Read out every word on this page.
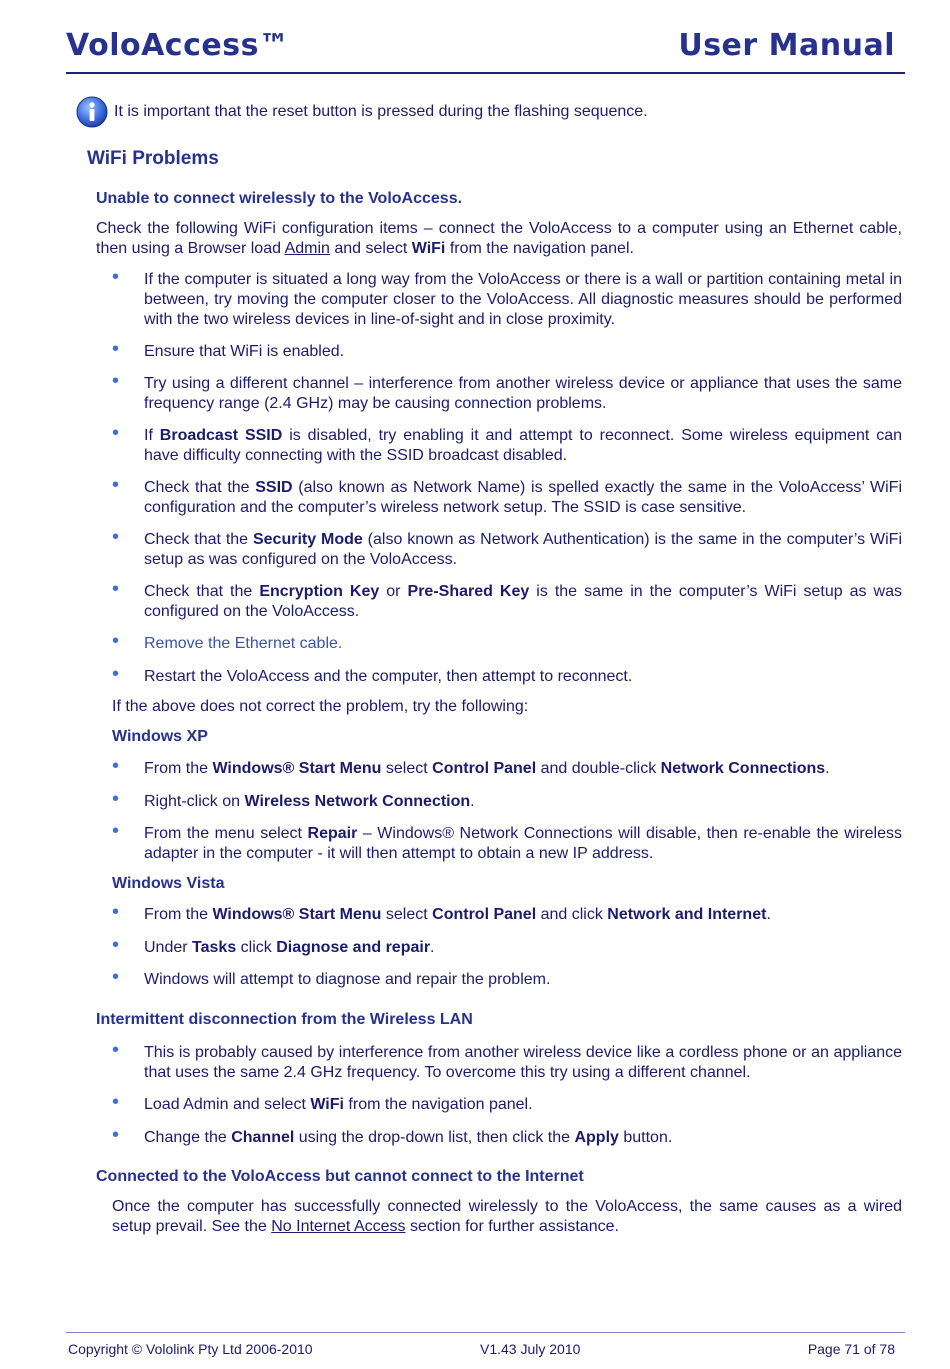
VoloAccess™	User Manual
It is important that the reset button is pressed during the flashing sequence.
WiFi Problems
Unable to connect wirelessly to the VoloAccess.
Check the following WiFi configuration items – connect the VoloAccess to a computer using an Ethernet cable, then using a Browser load Admin and select WiFi from the navigation panel.
• If the computer is situated a long way from the VoloAccess or there is a wall or partition containing metal in between, try moving the computer closer to the VoloAccess. All diagnostic measures should be performed with the two wireless devices in line-of-sight and in close proximity.
• Ensure that WiFi is enabled.
• Try using a different channel – interference from another wireless device or appliance that uses the same frequency range (2.4 GHz) may be causing connection problems.
• If Broadcast SSID is disabled, try enabling it and attempt to reconnect. Some wireless equipment can have difficulty connecting with the SSID broadcast disabled.
• Check that the SSID (also known as Network Name) is spelled exactly the same in the VoloAccess’ WiFi configuration and the computer’s wireless network setup. The SSID is case sensitive.
• Check that the Security Mode (also known as Network Authentication) is the same in the computer’s WiFi setup as was configured on the VoloAccess.
• Check that the Encryption Key or Pre-Shared Key is the same in the computer’s WiFi setup as was configured on the VoloAccess.
• Remove the Ethernet cable.
• Restart the VoloAccess and the computer, then attempt to reconnect.
If the above does not correct the problem, try the following:
Windows XP
• From the Windows® Start Menu select Control Panel and double-click Network Connections.
• Right-click on Wireless Network Connection.
• From the menu select Repair – Windows® Network Connections will disable, then re-enable the wireless adapter in the computer - it will then attempt to obtain a new IP address.
Windows Vista
• From the Windows® Start Menu select Control Panel and click Network and Internet.
• Under Tasks click Diagnose and repair.
• Windows will attempt to diagnose and repair the problem.
Intermittent disconnection from the Wireless LAN
• This is probably caused by interference from another wireless device like a cordless phone or an appliance that uses the same 2.4 GHz frequency. To overcome this try using a different channel.
• Load Admin and select WiFi from the navigation panel.
• Change the Channel using the drop-down list, then click the Apply button.
Connected to the VoloAccess but cannot connect to the Internet
Once the computer has successfully connected wirelessly to the VoloAccess, the same causes as a wired setup prevail. See the No Internet Access section for further assistance.
Copyright © Vololink Pty Ltd 2006-2010	V1.43 July 2010	Page 71 of 78
